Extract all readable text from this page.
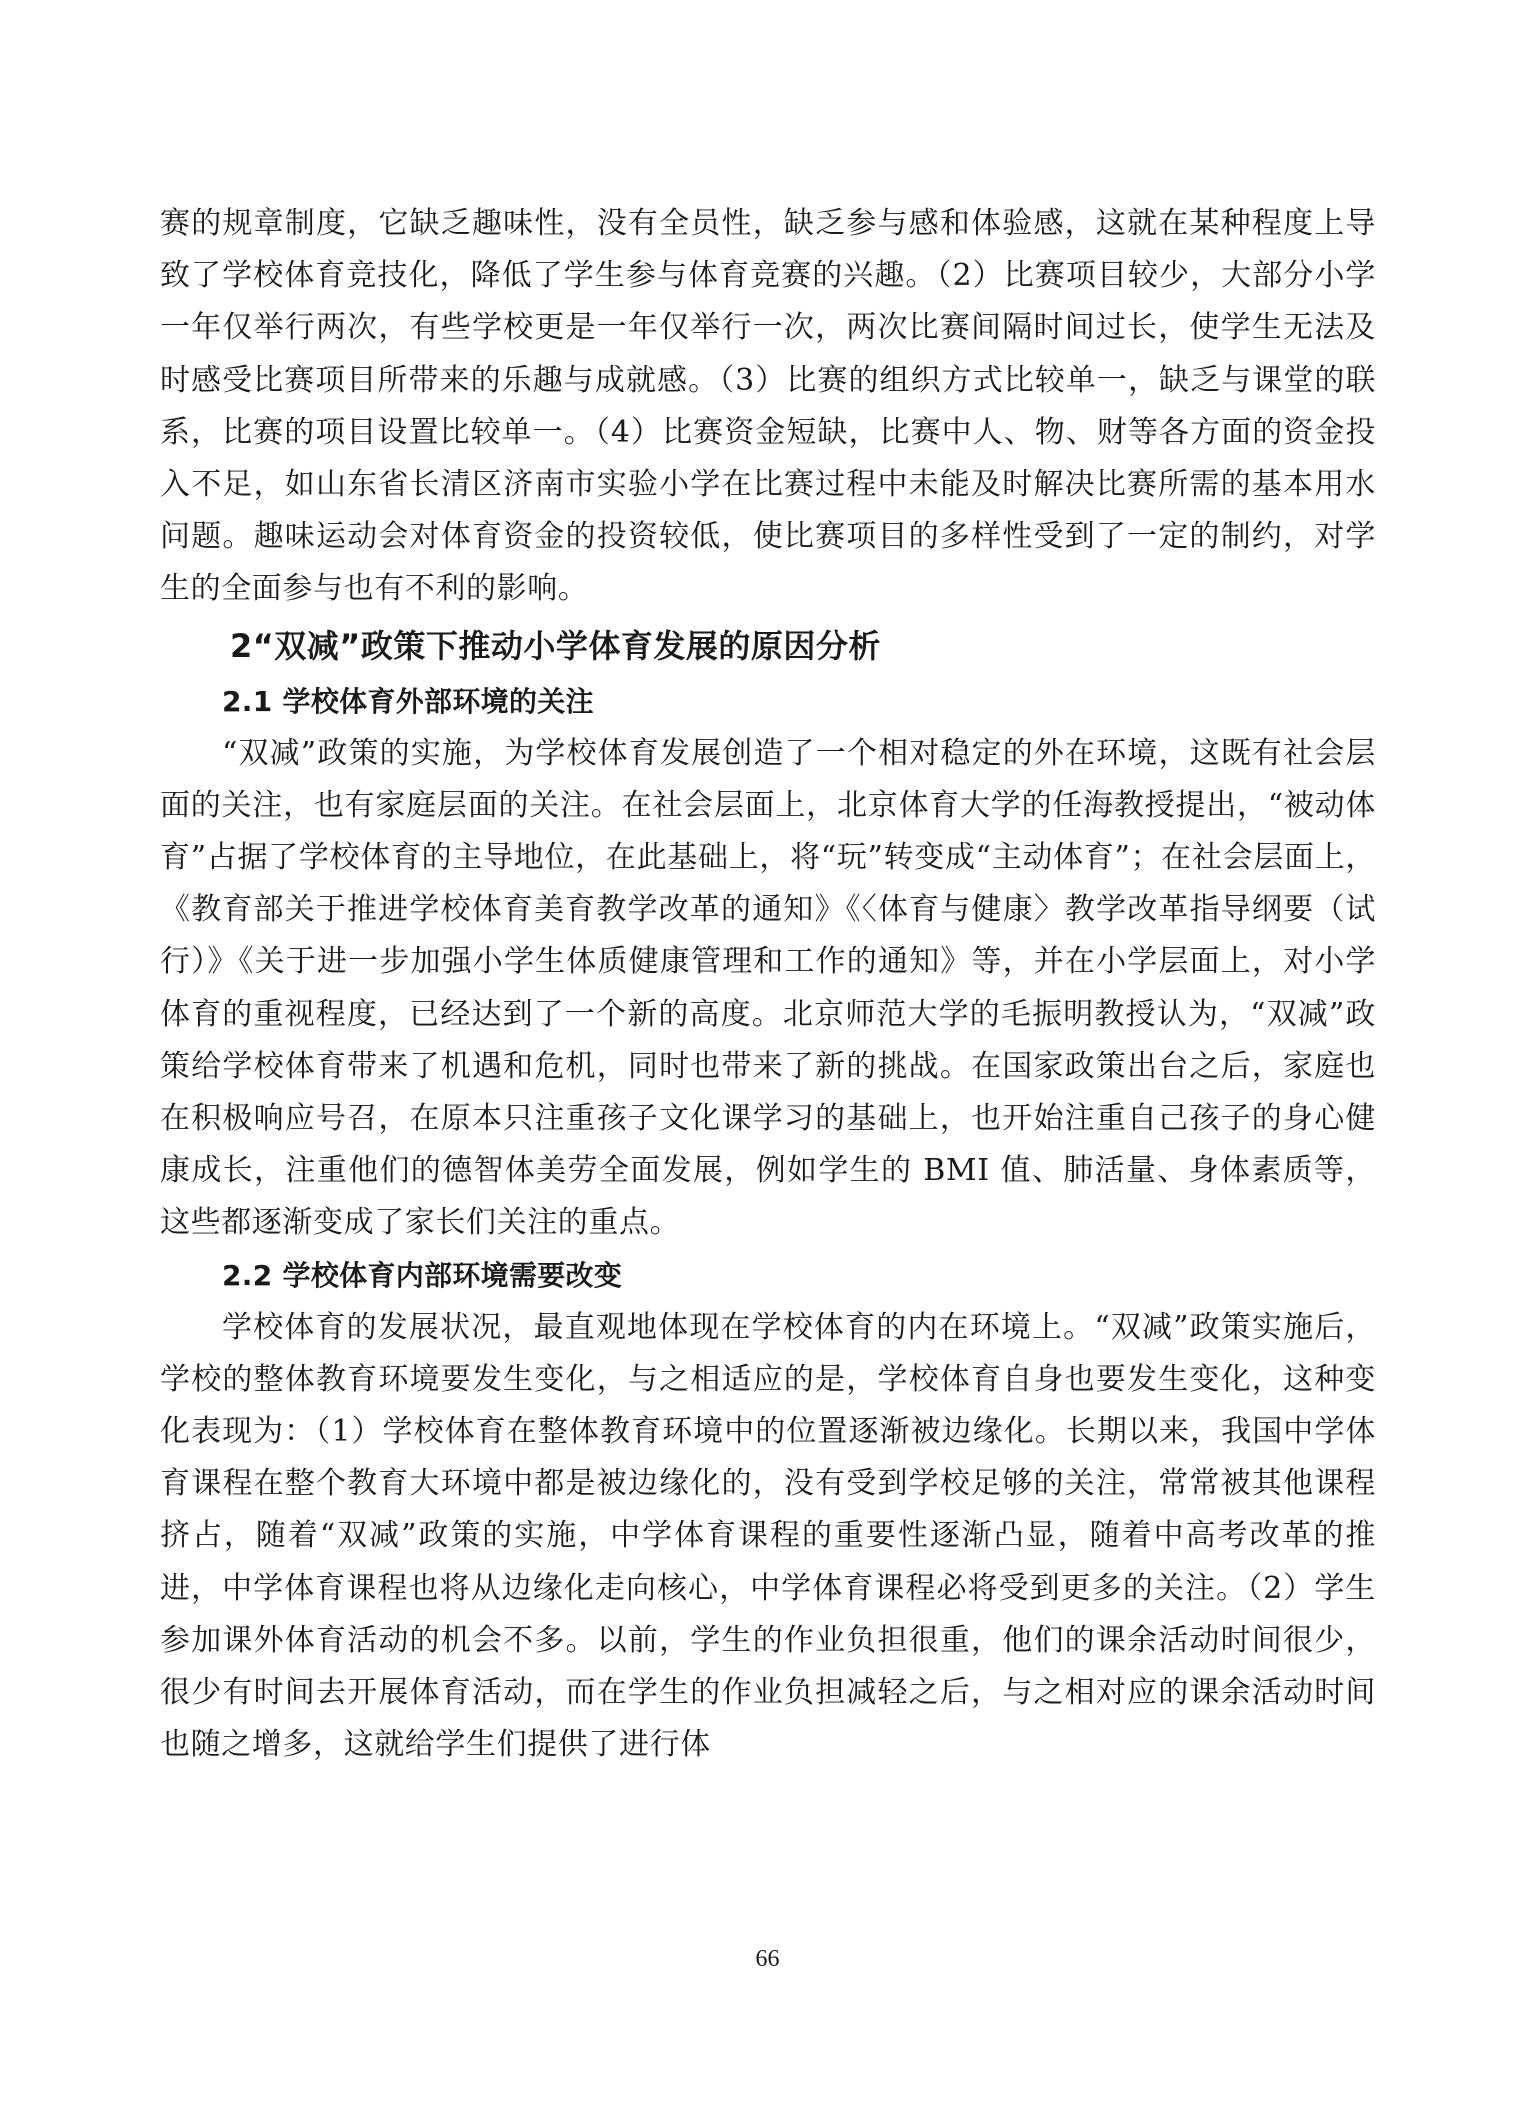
赛的规章制度，它缺乏趣味性，没有全员性，缺乏参与感和体验感，这就在某种程度上导致了学校体育竞技化，降低了学生参与体育竞赛的兴趣。（2）比赛项目较少，大部分小学一年仅举行两次，有些学校更是一年仅举行一次，两次比赛间隔时间过长，使学生无法及时感受比赛项目所带来的乐趣与成就感。（3）比赛的组织方式比较单一，缺乏与课堂的联系，比赛的项目设置比较单一。（4）比赛资金短缺，比赛中人、物、财等各方面的资金投入不足，如山东省长清区济南市实验小学在比赛过程中未能及时解决比赛所需的基本用水问题。趣味运动会对体育资金的投资较低，使比赛项目的多样性受到了一定的制约，对学生的全面参与也有不利的影响。

2“双减”政策下推动小学体育发展的原因分析
2.1 学校体育外部环境的关注

“双减”政策的实施，为学校体育发展创造了一个相对稳定的外在环境，这既有社会层面的关注，也有家庭层面的关注。在社会层面上，北京体育大学的任海教授提出，“被动体育”占据了学校体育的主导地位，在此基础上，将“玩”转变成“主动体育”；在社会层面上，《教育部关于推进学校体育美育教学改革的通知》《〈体育与健康〉教学改革指导纲要（试行）》《关于进一步加强小学生体质健康管理和工作的通知》等，并在小学层面上，对小学体育的重视程度，已经达到了一个新的高度。北京师范大学的毛振明教授认为，“双减”政策给学校体育带来了机遇和危机，同时也带来了新的挑战。在国家政策出台之后，家庭也在积极响应号召，在原本只注重孩子文化课学习的基础上，也开始注重自己孩子的身心健康成长，注重他们的德智体美劳全面发展，例如学生的 BMI 值、肺活量、身体素质等，这些都逐渐变成了家长们关注的重点。

2.2 学校体育内部环境需要改变

学校体育的发展状况，最直观地体现在学校体育的内在环境上。“双减”政策实施后，学校的整体教育环境要发生变化，与之相适应的是，学校体育自身也要发生变化，这种变化表现为：（1）学校体育在整体教育环境中的位置逐渐被边缘化。长期以来，我国中学体育课程在整个教育大环境中都是被边缘化的，没有受到学校足够的关注，常常被其他课程挤占，随着“双减”政策的实施，中学体育课程的重要性逐渐凸显，随着中高考改革的推进，中学体育课程也将从边缘化走向核心，中学体育课程必将受到更多的关注。（2）学生参加课外体育活动的机会不多。以前，学生的作业负担很重，他们的课余活动时间很少，很少有时间去开展体育活动，而在学生的作业负担减轻之后，与之相对应的课余活动时间也随之增多，这就给学生们提供了进行体

66
